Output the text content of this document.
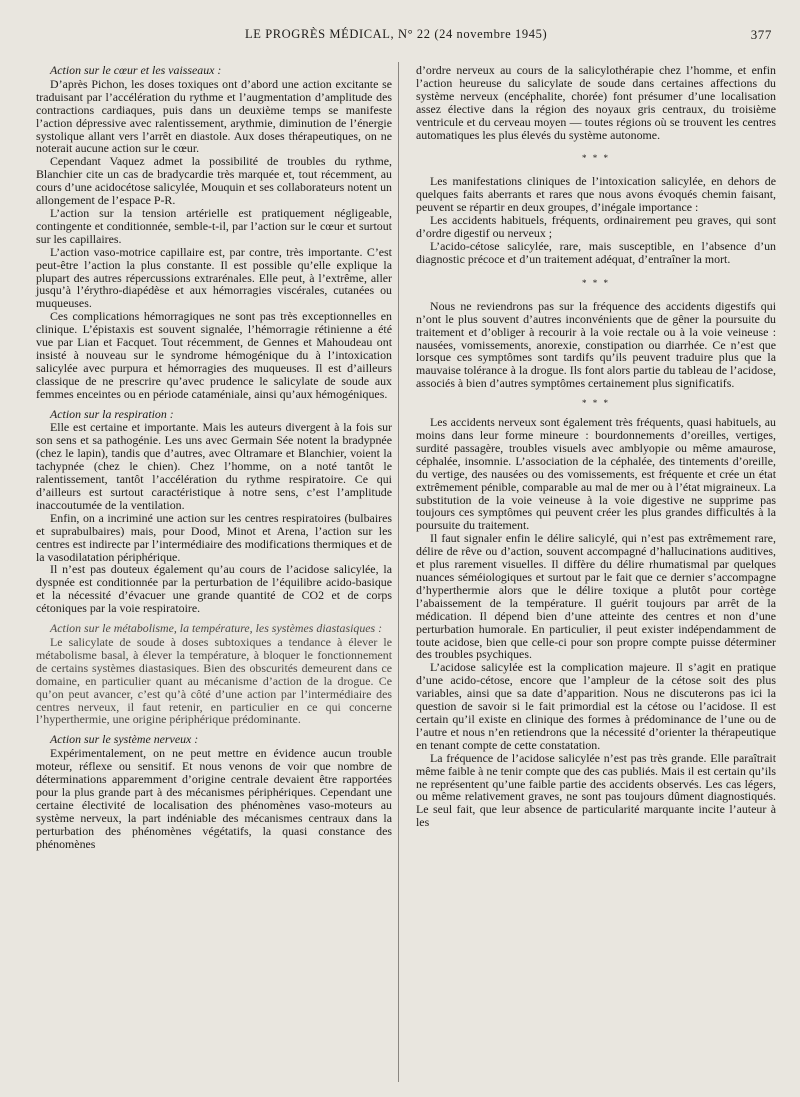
LE PROGRÈS MÉDICAL, N° 22 (24 novembre 1945)	377
Action sur le cœur et les vaisseaux :

D’après Pichon, les doses toxiques ont d’abord une action excitante se traduisant par l’accélération du rythme et l’augmentation d’amplitude des contractions cardiaques, puis dans un deuxième temps se manifeste l’action dépressive avec ralentissement, arythmie, diminution de l’énergie systolique allant vers l’arrêt en diastole. Aux doses thérapeutiques, on ne noterait aucune action sur le cœur.

Cependant Vaquez admet la possibilité de troubles du rythme, Blanchier cite un cas de bradycardie très marquée et, tout récemment, au cours d’une acidocétose salicylée, Mouquin et ses collaborateurs notent un allongement de l’espace P-R.

L’action sur la tension artérielle est pratiquement négligeable, contingente et conditionnée, semble-t-il, par l’action sur le cœur et surtout sur les capillaires.

L’action vaso-motrice capillaire est, par contre, très importante. C’est peut-être l’action la plus constante. Il est possible qu’elle explique la plupart des autres répercussions extrarénales. Elle peut, à l’extrême, aller jusqu’à l’érythro-diapédèse et aux hémorragies viscérales, cutanées ou muqueuses.

Ces complications hémorragiques ne sont pas très exceptionnelles en clinique. L’épistaxis est souvent signalée, l’hémorragie rétinienne a été vue par Lian et Facquet. Tout récemment, de Gennes et Mahoudeau ont insisté à nouveau sur le syndrome hémogénique du à l’intoxication salicylée avec purpura et hémorragies des muqueuses. Il est d’ailleurs classique de ne prescrire qu’avec prudence le salicylate de soude aux femmes enceintes ou en période cataméniale, ainsi qu’aux hémogéniques.

Action sur la respiration :

Elle est certaine et importante. Mais les auteurs divergent à la fois sur son sens et sa pathogénie. Les uns avec Germain Sée notent la bradypnée (chez le lapin), tandis que d’autres, avec Oltramare et Blanchier, voient la tachypnée (chez le chien). Chez l’homme, on a noté tantôt le ralentissement, tantôt l’accélération du rythme respiratoire. Ce qui d’ailleurs est surtout caractéristique à notre sens, c’est l’amplitude inaccoutumée de la ventilation.

Enfin, on a incriminé une action sur les centres respiratoires (bulbaires et suprabulbaires) mais, pour Dood, Minot et Arena, l’action sur les centres est indirecte par l’intermédiaire des modifications thermiques et de la vasodilatation périphérique.

Il n’est pas douteux également qu’au cours de l’acidose salicylée, la dyspnée est conditionnée par la perturbation de l’équilibre acido-basique et la nécessité d’évacuer une grande quantité de CO2 et de corps cétoniques par la voie respiratoire.

Action sur le métabolisme, la température, les systèmes diastasiques :

Le salicylate de soude à doses subtoxiques a tendance à élever le métabolisme basal, à élever la température, à bloquer le fonctionnement de certains systèmes diastasiques. Bien des obscurités demeurent dans ce domaine, en particulier quant au mécanisme d’action de la drogue. Ce qu’on peut avancer, c’est qu’à côté d’une action par l’intermédiaire des centres nerveux, il faut retenir, en particulier en ce qui concerne l’hyperthermie, une origine périphérique prédominante.

Action sur le système nerveux :

Expérimentalement, on ne peut mettre en évidence aucun trouble moteur, réflexe ou sensitif. Et nous venons de voir que nombre de déterminations apparemment d’origine centrale devaient être rapportées pour la plus grande part à des mécanismes périphériques. Cependant une certaine électivité de localisation des phénomènes vaso-moteurs au système nerveux, la part indéniable des mécanismes centraux dans la perturbation des phénomènes végétatifs, la quasi constance des phénomènes

d’ordre nerveux au cours de la salicylothérapie chez l’homme, et enfin l’action heureuse du salicylate de soude dans certaines affections du système nerveux (encéphalite, chorée) font présumer d’une localisation assez élective dans la région des noyaux gris centraux, du troisième ventricule et du cerveau moyen — toutes régions où se trouvent les centres automatiques les plus élevés du système autonome.

* * *

Les manifestations cliniques de l’intoxication salicylée, en dehors de quelques faits aberrants et rares que nous avons évoqués chemin faisant, peuvent se répartir en deux groupes, d’inégale importance :

Les accidents habituels, fréquents, ordinairement peu graves, qui sont d’ordre digestif ou nerveux ;

L’acido-cétose salicylée, rare, mais susceptible, en l’absence d’un diagnostic précoce et d’un traitement adéquat, d’entraîner la mort.

* * *

Nous ne reviendrons pas sur la fréquence des accidents digestifs qui n’ont le plus souvent d’autres inconvénients que de gêner la poursuite du traitement et d’obliger à recourir à la voie rectale ou à la voie veineuse : nausées, vomissements, anorexie, constipation ou diarrhée. Ce n’est que lorsque ces symptômes sont tardifs qu’ils peuvent traduire plus que la mauvaise tolérance à la drogue. Ils font alors partie du tableau de l’acidose, associés à bien d’autres symptômes certainement plus significatifs.

* * *

Les accidents nerveux sont également très fréquents, quasi habituels, au moins dans leur forme mineure : bourdonnements d’oreilles, vertiges, surdité passagère, troubles visuels avec amblyopie ou même amaurose, céphalée, insomnie. L’association de la céphalée, des tintements d’oreille, du vertige, des nausées ou des vomissements, est fréquente et crée un état extrêmement pénible, comparable au mal de mer ou à l’état migraineux. La substitution de la voie veineuse à la voie digestive ne supprime pas toujours ces symptômes qui peuvent créer les plus grandes difficultés à la poursuite du traitement.

Il faut signaler enfin le délire salicylé, qui n’est pas extrêmement rare, délire de rêve ou d’action, souvent accompagné d’hallucinations auditives, et plus rarement visuelles. Il diffère du délire rhumatismal par quelques nuances séméiologiques et surtout par le fait que ce dernier s’accompagne d’hyperthermie alors que le délire toxique a plutôt pour cortège l’abaissement de la température. Il guérit toujours par arrêt de la médication. Il dépend bien d’une atteinte des centres et non d’une perturbation humorale. En particulier, il peut exister indépendamment de toute acidose, bien que celle-ci pour son propre compte puisse déterminer des troubles psychiques.

L’acidose salicylée est la complication majeure. Il s’agit en pratique d’une acido-cétose, encore que l’ampleur de la cétose soit des plus variables, ainsi que sa date d’apparition. Nous ne discuterons pas ici la question de savoir si le fait primordial est la cétose ou l’acidose. Il est certain qu’il existe en clinique des formes à prédominance de l’une ou de l’autre et nous n’en retiendrons que la nécessité d’orienter la thérapeutique en tenant compte de cette constatation.

La fréquence de l’acidose salicylée n’est pas très grande. Elle paraîtrait même faible à ne tenir compte que des cas publiés. Mais il est certain qu’ils ne représentent qu’une faible partie des accidents observés. Les cas légers, ou même relativement graves, ne sont pas toujours dûment diagnostiqués. Le seul fait, que leur absence de particularité marquante incite l’auteur à les
